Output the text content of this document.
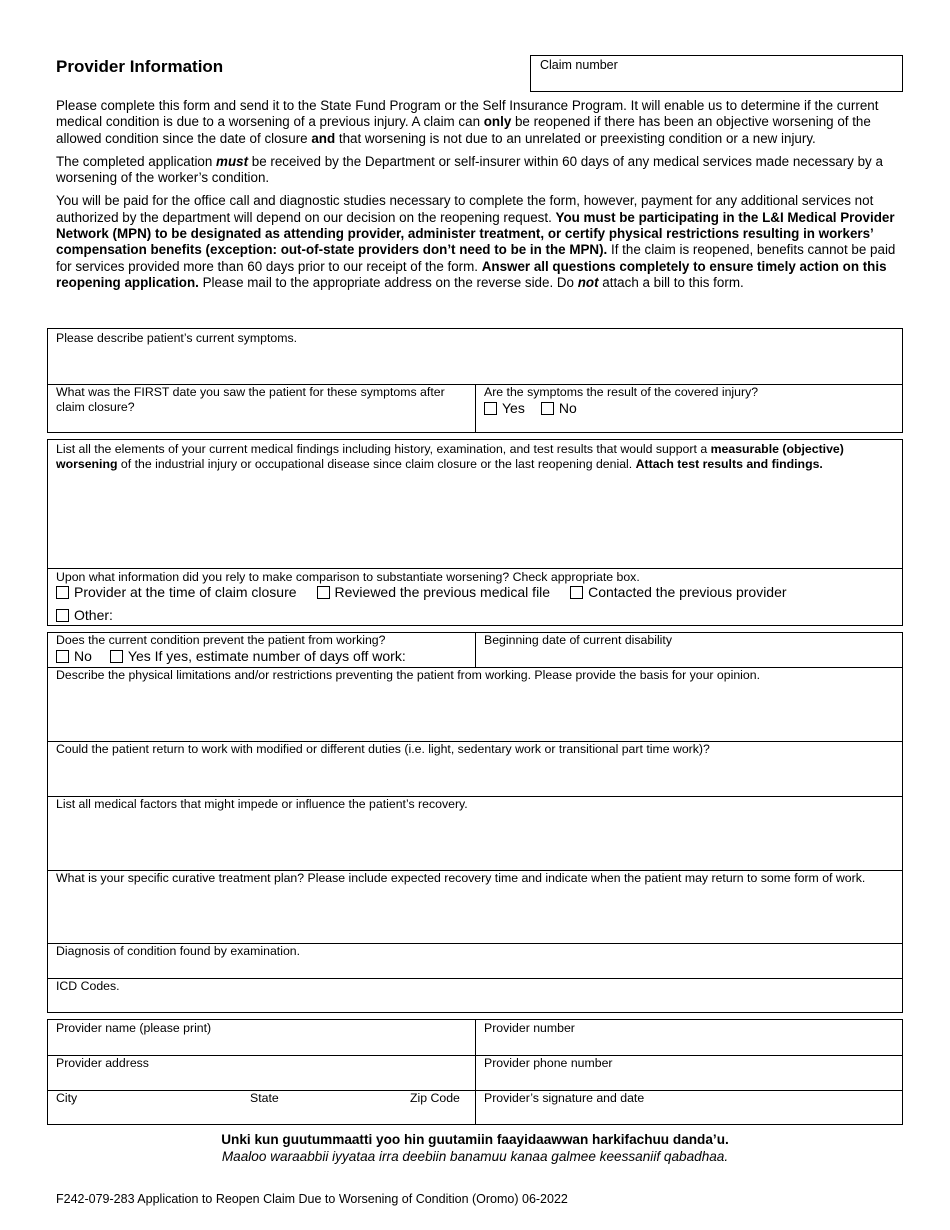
Provider Information	Claim number

Please complete this form and send it to the State Fund Program or the Self Insurance Program. It will enable us to determine if the current medical condition is due to a worsening of a previous injury. A claim can only be reopened if there has been an objective worsening of the allowed condition since the date of closure and that worsening is not due to an unrelated or preexisting condition or a new injury.

The completed application must be received by the Department or self-insurer within 60 days of any medical services made necessary by a worsening of the worker’s condition.

You will be paid for the office call and diagnostic studies necessary to complete the form, however, payment for any additional services not authorized by the department will depend on our decision on the reopening request. You must be participating in the L&I Medical Provider Network (MPN) to be designated as attending provider, administer treatment, or certify physical restrictions resulting in workers’ compensation benefits (exception: out-of-state providers don’t need to be in the MPN). If the claim is reopened, benefits cannot be paid for services provided more than 60 days prior to our receipt of the form. Answer all questions completely to ensure timely action on this reopening application. Please mail to the appropriate address on the reverse side. Do not attach a bill to this form.

Please describe patient’s current symptoms.
What was the FIRST date you saw the patient for these symptoms after claim closure?
Are the symptoms the result of the covered injury?
Yes No
List all the elements of your current medical findings including history, examination, and test results that would support a measurable (objective) worsening of the industrial injury or occupational disease since claim closure or the last reopening denial. Attach test results and findings.
Upon what information did you rely to make comparison to substantiate worsening? Check appropriate box.
Provider at the time of claim closure	Reviewed the previous medical file	Contacted the previous provider
Other:
Does the current condition prevent the patient from working?
No	Yes If yes, estimate number of days off work:
Beginning date of current disability
Describe the physical limitations and/or restrictions preventing the patient from working. Please provide the basis for your opinion.
Could the patient return to work with modified or different duties (i.e. light, sedentary work or transitional part time work)?
List all medical factors that might impede or influence the patient’s recovery.
What is your specific curative treatment plan? Please include expected recovery time and indicate when the patient may return to some form of work.
Diagnosis of condition found by examination.
ICD Codes.
Provider name (please print)	Provider number
Provider address	Provider phone number
City	State	Zip Code	Provider’s signature and date
Unki kun guutummaatti yoo hin guutamiin faayidaawwan harkifachuu danda’u.
Maaloo waraabbii iyyataa irra deebiin banamuu kanaa galmee keessaniif qabadhaa.
F242-079-283 Application to Reopen Claim Due to Worsening of Condition (Oromo) 06-2022
